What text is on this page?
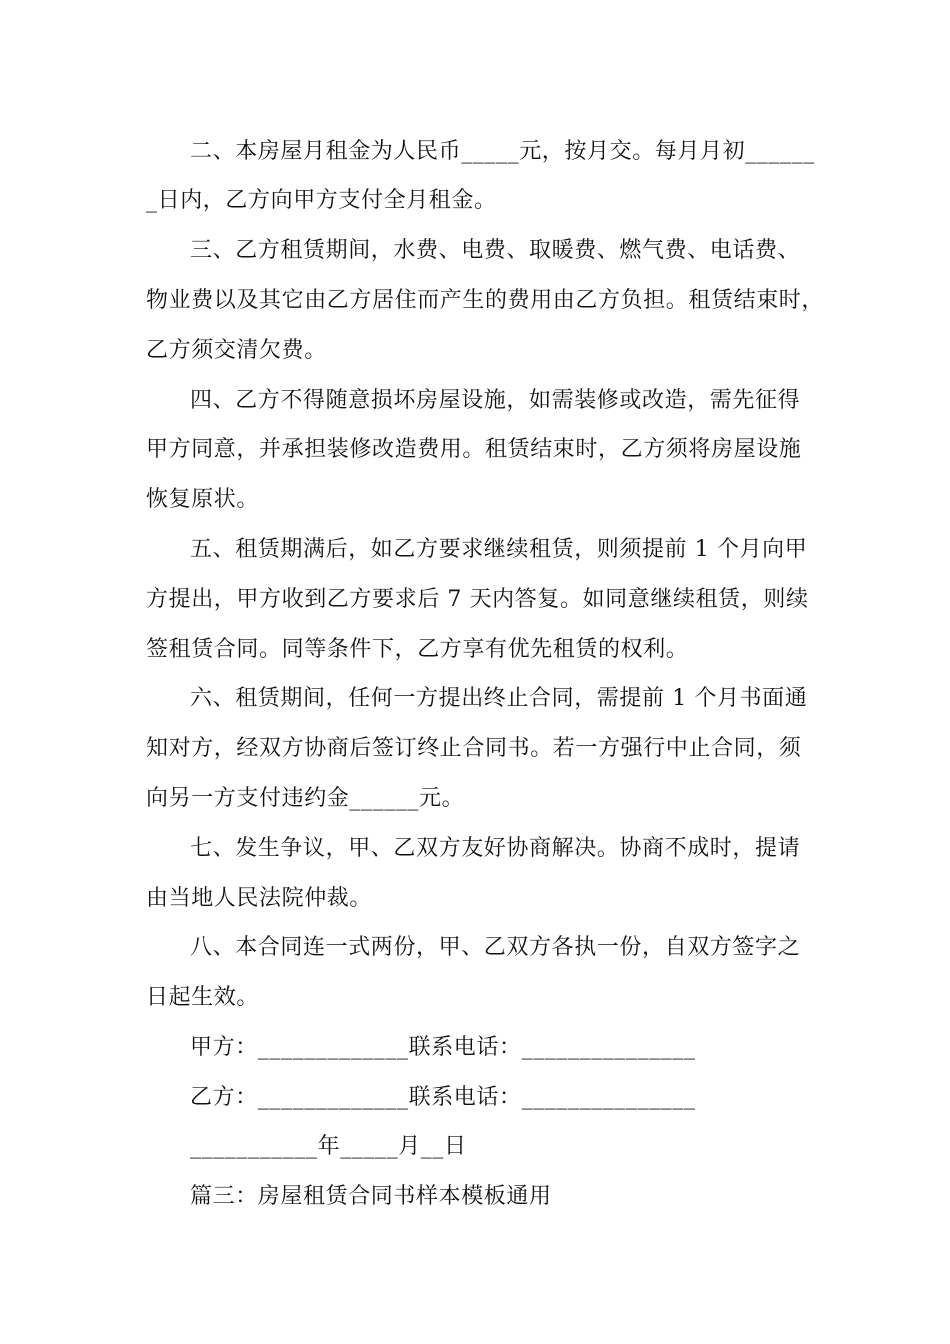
二、本房屋月租金为人民币_____元，按月交。每月月初______
_日内，乙方向甲方支付全月租金。
三、乙方租赁期间，水费、电费、取暖费、燃气费、电话费、
物业费以及其它由乙方居住而产生的费用由乙方负担。租赁结束时，
乙方须交清欠费。
四、乙方不得随意损坏房屋设施，如需装修或改造，需先征得
甲方同意，并承担装修改造费用。租赁结束时，乙方须将房屋设施
恢复原状。
五、租赁期满后，如乙方要求继续租赁，则须提前 1 个月向甲
方提出，甲方收到乙方要求后 7 天内答复。如同意继续租赁，则续
签租赁合同。同等条件下，乙方享有优先租赁的权利。
六、租赁期间，任何一方提出终止合同，需提前 1 个月书面通
知对方，经双方协商后签订终止合同书。若一方强行中止合同，须
向另一方支付违约金______元。
七、发生争议，甲、乙双方友好协商解决。协商不成时，提请
由当地人民法院仲裁。
八、本合同连一式两份，甲、乙双方各执一份，自双方签字之
日起生效。
甲方：_____________联系电话：_______________
乙方：_____________联系电话：_______________
___________年_____月__日
篇三：房屋租赁合同书样本模板通用
